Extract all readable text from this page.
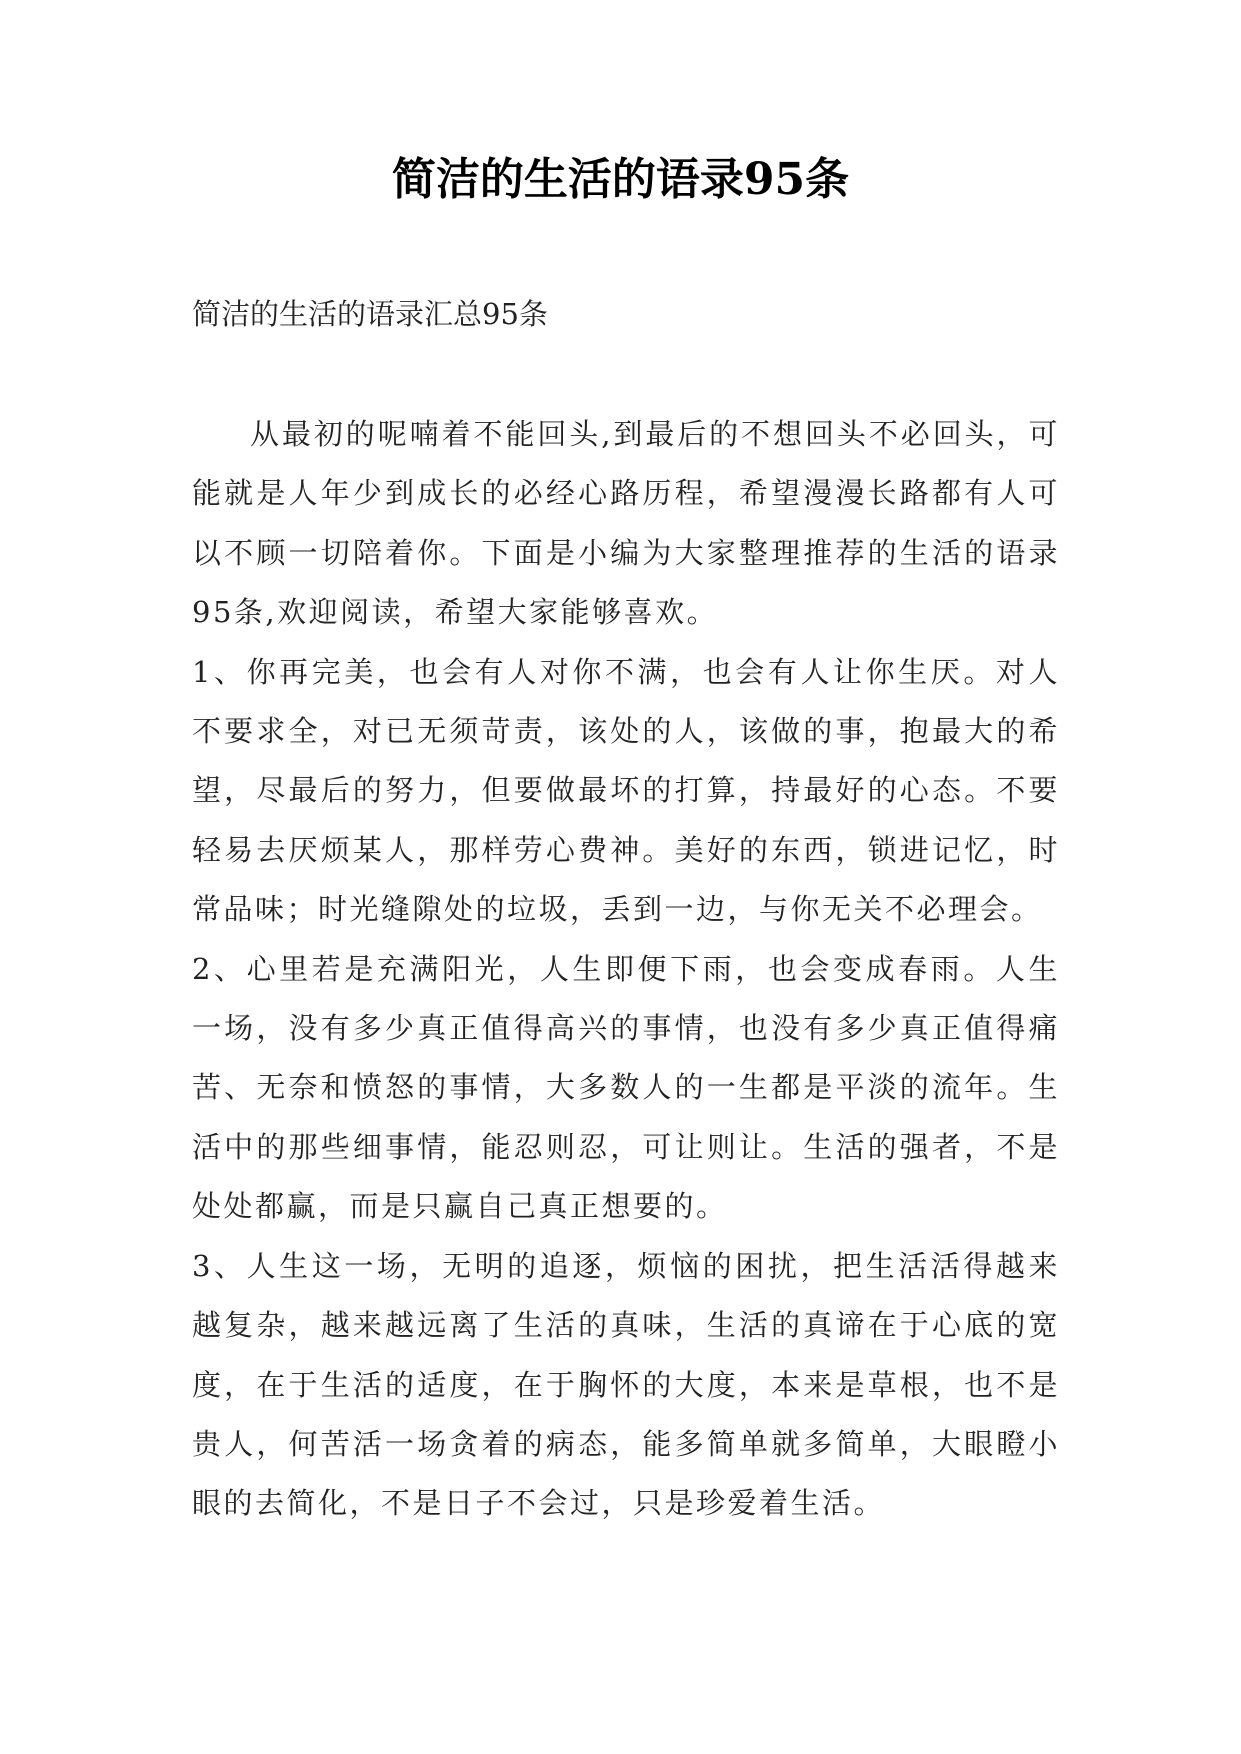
简洁的生活的语录95条

简洁的生活的语录汇总95条

从最初的呢喃着不能回头,到最后的不想回头不必回头，可能就是人年少到成长的必经心路历程，希望漫漫长路都有人可以不顾一切陪着你。下面是小编为大家整理推荐的生活的语录95条,欢迎阅读，希望大家能够喜欢。

1、你再完美，也会有人对你不满，也会有人让你生厌。对人不要求全，对已无须苛责，该处的人，该做的事，抱最大的希望，尽最后的努力，但要做最坏的打算，持最好的心态。不要轻易去厌烦某人，那样劳心费神。美好的东西，锁进记忆，时常品味；时光缝隙处的垃圾，丢到一边，与你无关不必理会。

2、心里若是充满阳光，人生即便下雨，也会变成春雨。人生一场，没有多少真正值得高兴的事情，也没有多少真正值得痛苦、无奈和愤怒的事情，大多数人的一生都是平淡的流年。生活中的那些细事情，能忍则忍，可让则让。生活的强者，不是处处都赢，而是只赢自己真正想要的。

3、人生这一场，无明的追逐，烦恼的困扰，把生活活得越来越复杂，越来越远离了生活的真味，生活的真谛在于心底的宽度，在于生活的适度，在于胸怀的大度，本来是草根，也不是贵人，何苦活一场贪着的病态，能多简单就多简单，大眼瞪小眼的去简化，不是日子不会过，只是珍爱着生活。
